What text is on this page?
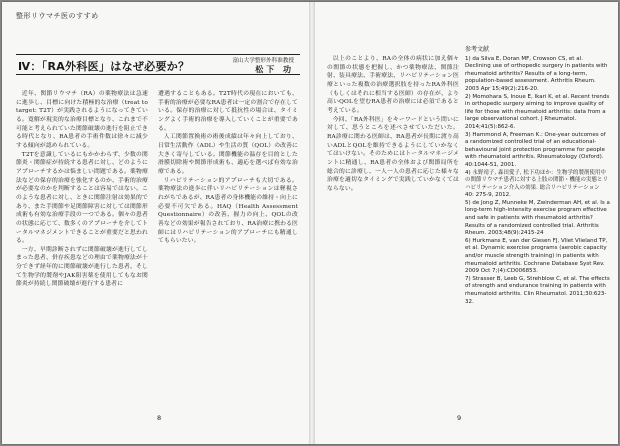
整形リウマチ医のすすめ
Ⅳ：「RA外科医」はなぜ必要か？	富山大学整形外科准教授
松下 功

近年、関節リウマチ（RA）の薬物療法は急速に進歩し、目標に向けた積極的な治療（treat to target: T2T）が実践されるようになってきている。寛解が現実的な治療目標となり、これまで不可能と考えられていた関節破壊の進行を阻止できる時代となり、RA患者の手術件数は徐々に減少する傾向が認められている。

T2Tを意識しているにもかかわらず、少数の関節炎・関節症が持続する患者に対し、どのようにアプローチするかは悩ましい問題である。薬物療法などの保存的治療を強化するのか、手術的治療が必要なのかを判断することは容易ではない。このような患者に対し、ときに関節注射は効果的であり、また手関節や足関節障害に対しては関節形成術も有効な治療手段の一つである。個々の患者の状態に応じて、数多くのアプローチを介してトータルマネジメントできることが重要だと思われる。

一方、早期診断されずに関節破壊が進行してしまった患者、併存疾患などの理由で薬物療法が十分できず経年的に関節破壊が進行した患者、そして生物学的製剤やJAK阻害薬を使用してもなお関節炎が持続し関節破壊が進行する患者に

遭遇することもある。T2T時代の現在においても、手術的治療が必要なRA患者は一定の割合で存在している。保存的治療に対して抵抗性の場合は、タイミングよく手術的治療を導入していくことが重要である。

人工関節置換術の術後成績は年々向上しており、日常生活動作（ADL）や生活の質（QOL）の改善に大きく寄与している。関節機能の温存を目的とした滑膜切除術や関節形成術も、適応を選べば有効な治療である。

リハビリテーション的アプローチも大切である。薬物療法の進歩に伴いリハビリテーションは軽視されがちであるが、RA患者の身体機能の維持・向上に必要不可欠である。HAQ（Health Assessment Questionnaire）の改善、握力の向上、QOLの改善などの効果が報告されており、RA治療に携わる医師にはリハビリテーション的アプローチにも精通してもらいたい。

8

以上のことより、RAの全体の病状に加え個々の関節の状態を把握し、かつ薬物療法、関節注射、装具療法、手術療法、リハビリテーション医療といった複数の治療選択肢を持ったRA外科医（もしくはそれに相当する医師）の存在が、より高いQOLを望むRA患者の治療には必須であると考えている。

今回、「RA外科医」をキーワードという問いに対して、思うところを述べさせていただいた。RA診療に関わる医師は、RA患者が長期に渡り高いADLとQOLを維持できるようにしていかなくてはいけない。そのためにはトータルマネージメントに精通し、RA患者の全体および関節局所を総合的に診療し、一人一人の患者に応じた様々な治療を適切なタイミングで実践していかなくてはならない。

参考文献

1) da Silva E, Doran MF, Crowson CS, et al. Declining use of orthopedic surgery in patients with rheumatoid arthritis? Results of a long-term, population-based assessment. Arthritis Rheum. 2003 Apr 15;49(2):216-20.

2) Momohara S, Inoue E, Ikari K, et al. Recent trends in orthopedic surgery aiming to improve quality of life for those with rheumatoid arthritis: data from a large observational cohort. J Rheumatol. 2014;41(5):862-6.

3) Hammond A, Freeman K.: One-year outcomes of a randomized controlled trial of an educational-behavioural joint protection programme for people with rheumatoid arthritis. Rheumatology (Oxford). 40:1044-51, 2001.

4) 永野靖子, 森田愛子, 松下功ほか：生物学的製剤使用中の関節リウマチ患者に対する上肢の関節・機能の実態とリハビリテーション介入の効果. 総合リハビリテーション 40: 275-9, 2012.

5) de Jong Z, Munneke M, Zwinderman AH, et al. Is a long-term high-intensity exercise program effective and safe in patients with rheumatoid arthritis? Results of a randomized controlled trial. Arthritis Rheum. 2003;48(9):2415-24

6) Hurkmans E, van der Giesen FJ, Vliet Vlieland TP, et al. Dynamic exercise programs (aerobic capacity and/or muscle strength training) in patients with rheumatoid arthritis. Cochrane Database Syst Rev. 2009 Oct 7;(4):CD006853.

7) Strasser B, Leeb G, Strehblow C, et al. The effects of strength and endurance training in patients with rheumatoid arthritis. Clin Rheumatol. 2011;30:623-32.

9
